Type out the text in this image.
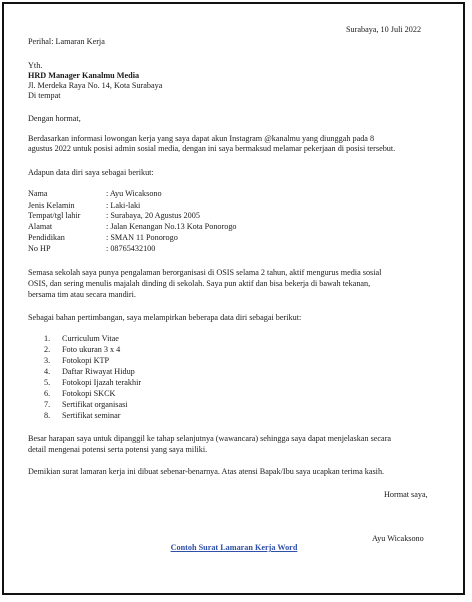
Surabaya, 10 Juli 2022
Perihal: Lamaran Kerja
Yth.
HRD Manager Kanalmu Media
Jl. Merdeka Raya No. 14, Kota Surabaya
Di tempat
Dengan hormat,
Berdasarkan informasi lowongan kerja yang saya dapat akun Instagram @kanalmu yang diunggah pada 8
agustus 2022 untuk posisi admin sosial media, dengan ini saya bermaksud melamar pekerjaan di posisi tersebut.
Adapun data diri saya sebagai berikut:
Nama	: Ayu Wicaksono
Jenis Kelamin	: Laki-laki
Tempat/tgl lahir	: Surabaya, 20 Agustus 2005
Alamat	: Jalan Kenangan No.13 Kota Ponorogo
Pendidikan	: SMAN 11 Ponorogo
No HP	: 08765432100
Semasa sekolah saya punya pengalaman berorganisasi di OSIS selama 2 tahun, aktif mengurus media sosial
OSIS, dan sering menulis majalah dinding di sekolah. Saya pun aktif dan bisa bekerja di bawah tekanan,
bersama tim atau secara mandiri.
Sebagai bahan pertimbangan, saya melampirkan beberapa data diri sebagai berikut:
1. Curriculum Vitae
2. Foto ukuran 3 x 4
3. Fotokopi KTP
4. Daftar Riwayat Hidup
5. Fotokopi Ijazah terakhir
6. Fotokopi SKCK
7. Sertifikat organisasi
8. Sertifikat seminar
Besar harapan saya untuk dipanggil ke tahap selanjutnya (wawancara) sehingga saya dapat menjelaskan secara
detail mengenai potensi serta potensi yang saya miliki.
Demikian surat lamaran kerja ini dibuat sebenar-benarnya. Atas atensi Bapak/Ibu saya ucapkan terima kasih.
Hormat saya,
Ayu Wicaksono
Contoh Surat Lamaran Kerja Word
